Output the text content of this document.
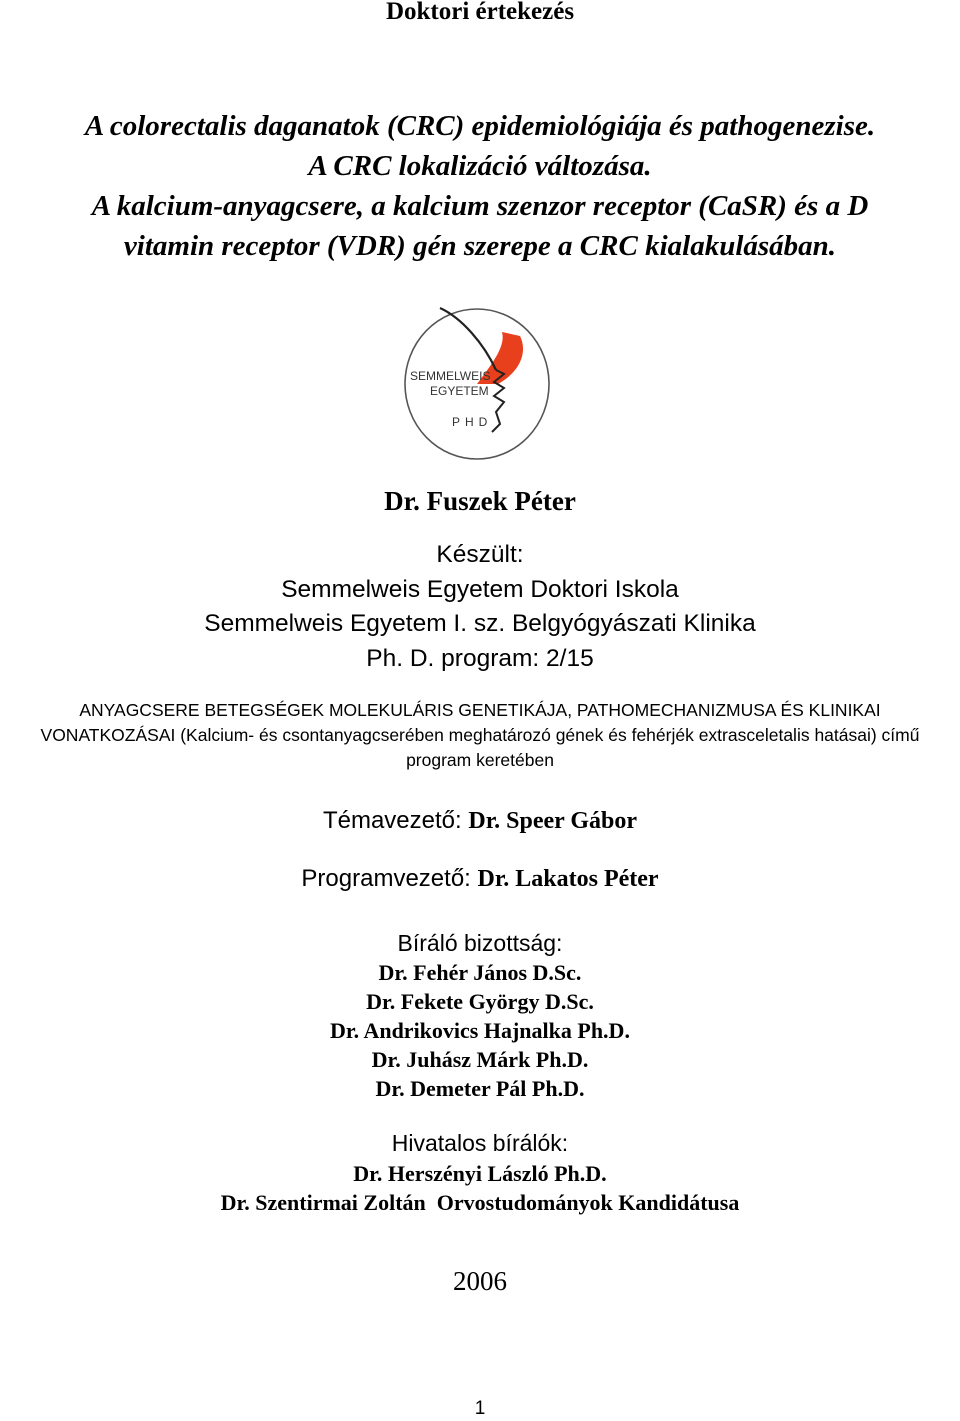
Doktori értekezés
A colorectalis daganatok (CRC) epidemiológiája és pathogenezise.
A CRC lokalizáció változása.
A kalcium-anyagcsere, a kalcium szenzor receptor (CaSR) és a D
vitamin receptor (VDR) gén szerepe a CRC kialakulásában.
SEMMELWEIS
EGYETEM
PHD
Dr. Fuszek Péter
Készült:
Semmelweis Egyetem Doktori Iskola
Semmelweis Egyetem I. sz. Belgyógyászati Klinika
Ph. D. program: 2/15
ANYAGCSERE BETEGSÉGEK MOLEKULÁRIS GENETIKÁJA, PATHOMECHANIZMUSA ÉS KLINIKAI
VONATKOZÁSAI (Kalcium- és csontanyagcserében meghatározó gének és fehérjék extrasceletalis hatásai) című
program keretében
Témavezető: Dr. Speer Gábor
Programvezető: Dr. Lakatos Péter
Bíráló bizottság:
Dr. Fehér János D.Sc.
Dr. Fekete György D.Sc.
Dr. Andrikovics Hajnalka Ph.D.
Dr. Juhász Márk Ph.D.
Dr. Demeter Pál Ph.D.
Hivatalos bírálók:
Dr. Herszényi László Ph.D.
Dr. Szentirmai Zoltán  Orvostudományok Kandidátusa
2006
1
